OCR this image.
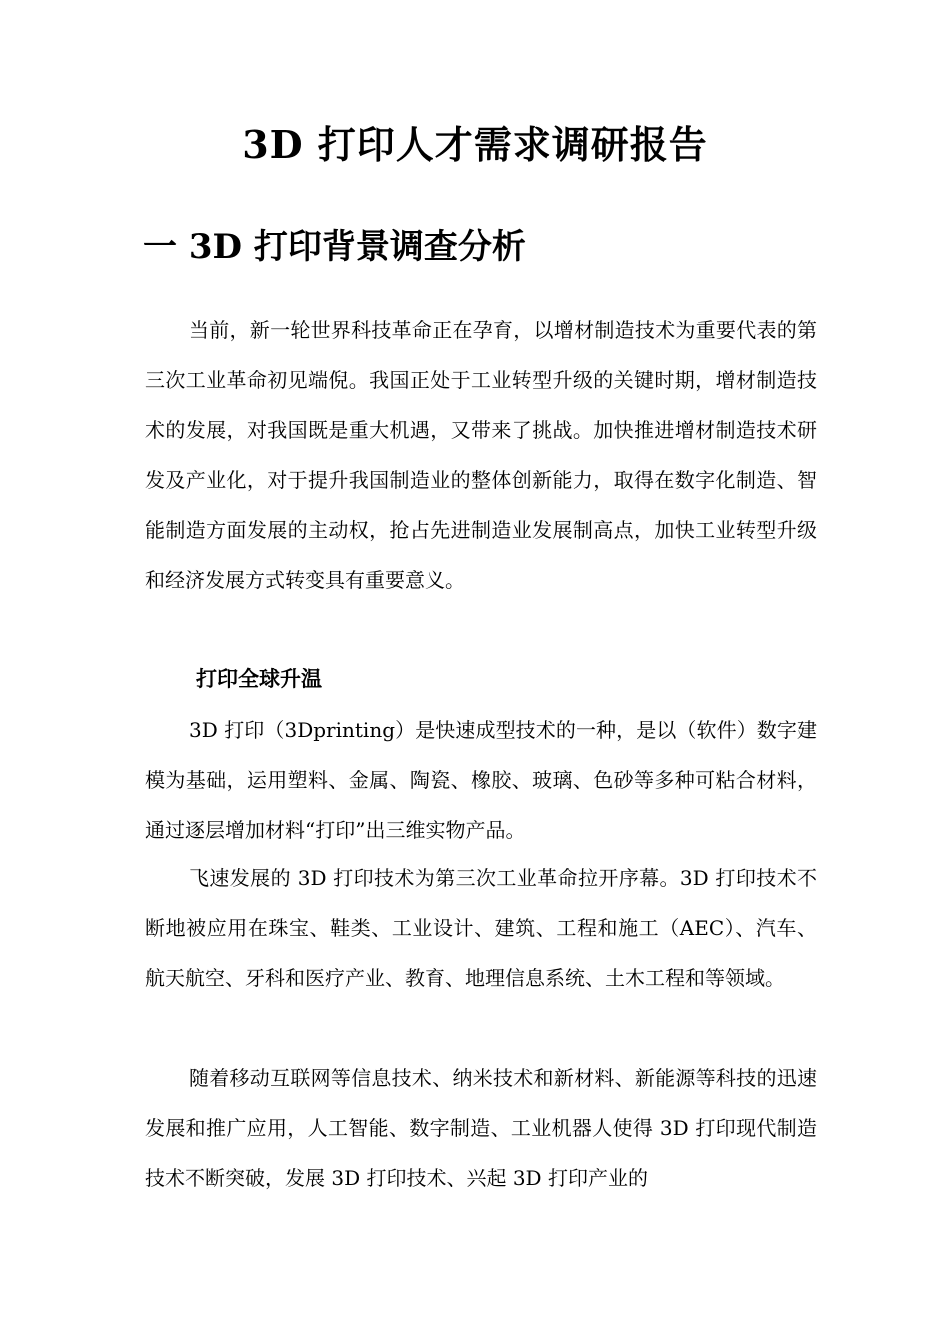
3D 打印人才需求调研报告
一 3D 打印背景调查分析

当前，新一轮世界科技革命正在孕育，以增材制造技术为重要代表的第三次工业革命初见端倪。我国正处于工业转型升级的关键时期，增材制造技术的发展，对我国既是重大机遇，又带来了挑战。加快推进增材制造技术研发及产业化，对于提升我国制造业的整体创新能力，取得在数字化制造、智能制造方面发展的主动权，抢占先进制造业发展制高点，加快工业转型升级和经济发展方式转变具有重要意义。

打印全球升温

3D 打印（3Dprinting）是快速成型技术的一种，是以（软件）数字建模为基础，运用塑料、金属、陶瓷、橡胶、玻璃、色砂等多种可粘合材料，通过逐层增加材料“打印”出三维实物产品。

飞速发展的 3D 打印技术为第三次工业革命拉开序幕。3D 打印技术不断地被应用在珠宝、鞋类、工业设计、建筑、工程和施工（AEC）、汽车、航天航空、牙科和医疗产业、教育、地理信息系统、土木工程和等领域。

随着移动互联网等信息技术、纳米技术和新材料、新能源等科技的迅速发展和推广应用，人工智能、数字制造、工业机器人使得 3D 打印现代制造技术不断突破，发展 3D 打印技术、兴起 3D 打印产业的
